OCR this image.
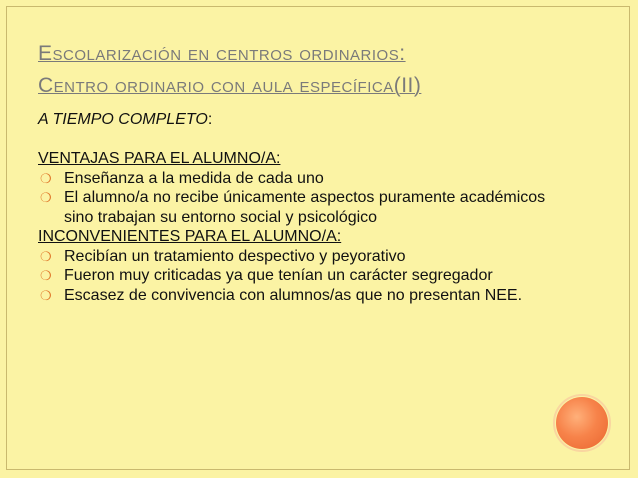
Escolarización en centros ordinarios:
Centro ordinario con aula específica(II)
A TIEMPO COMPLETO:
VENTAJAS PARA EL ALUMNO/A:
❍ Enseñanza a la medida de cada uno
❍ El alumno/a no recibe únicamente aspectos puramente académicos sino trabajan su entorno social y psicológico
INCONVENIENTES PARA EL ALUMNO/A:
❍ Recibían un tratamiento despectivo y peyorativo
❍ Fueron muy criticadas ya que tenían un carácter segregador
❍ Escasez de convivencia con alumnos/as que no presentan NEE.
